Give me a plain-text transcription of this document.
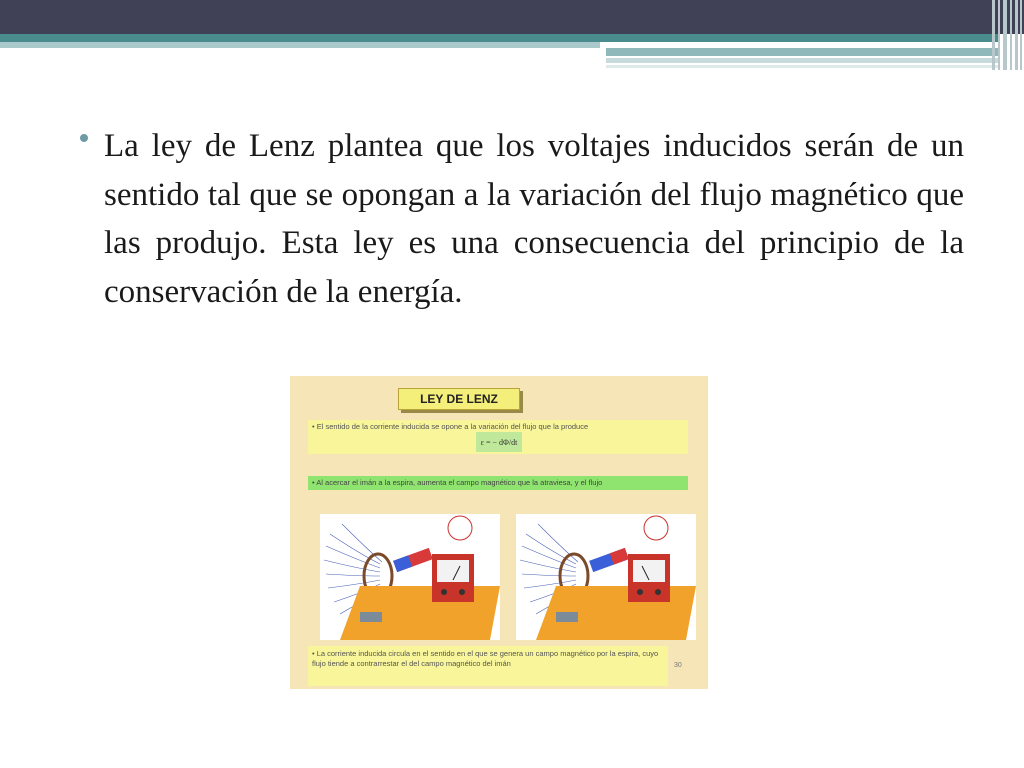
La ley de Lenz plantea que los voltajes inducidos serán de un sentido tal que se opongan a la variación del flujo magnético que las produjo. Esta ley es una consecuencia del principio de la conservación de la energía.
LEY DE LENZ
• El sentido de la corriente inducida se opone a la variación del flujo que la produce
ε = − dΦ/dt
• Al acercar el imán a la espira, aumenta el campo magnético que la atraviesa, y el flujo
• La corriente inducida circula en el sentido en el que se genera un campo magnético por la espira, cuyo flujo tiende a contrarrestar el del campo magnético del imán	30
